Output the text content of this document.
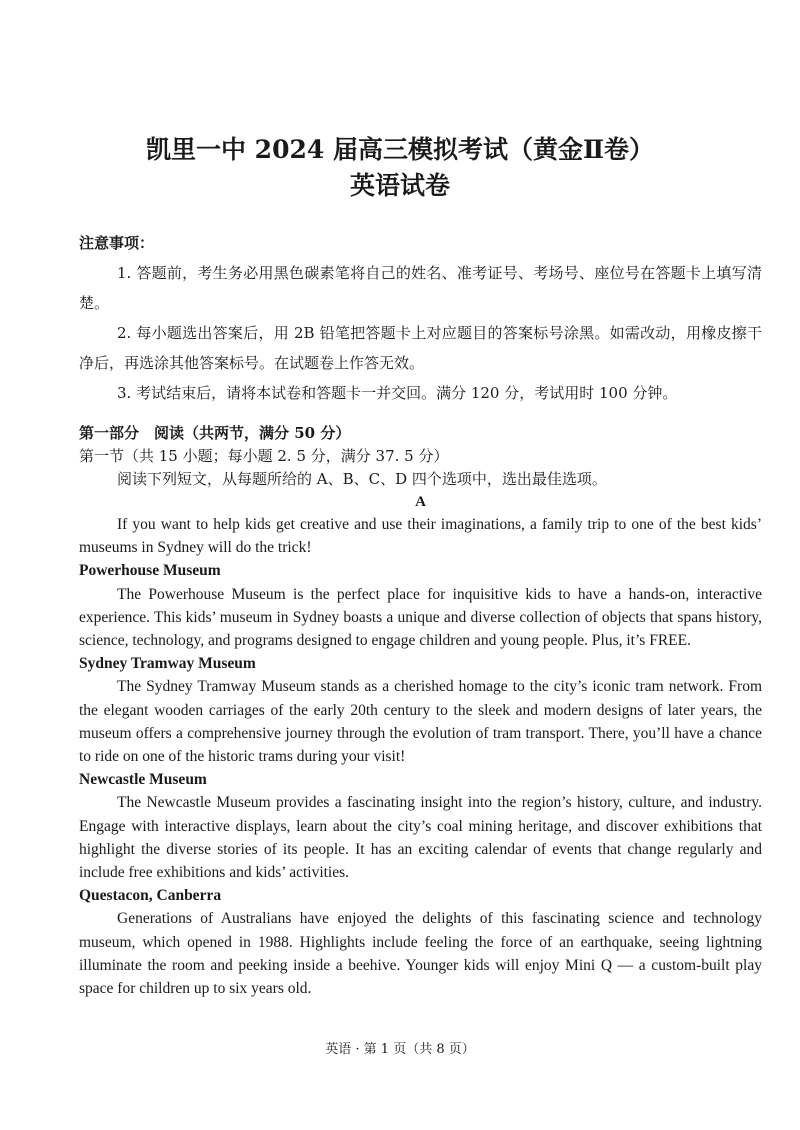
凯里一中 2024 届高三模拟考试（黄金Ⅱ卷）
英语试卷
注意事项：
1. 答题前，考生务必用黑色碳素笔将自己的姓名、准考证号、考场号、座位号在答题卡上填写清楚。
2. 每小题选出答案后，用 2B 铅笔把答题卡上对应题目的答案标号涂黑。如需改动，用橡皮擦干净后，再选涂其他答案标号。在试题卷上作答无效。
3. 考试结束后，请将本试卷和答题卡一并交回。满分 120 分，考试用时 100 分钟。
第一部分　阅读（共两节，满分 50 分）
第一节（共 15 小题；每小题 2. 5 分，满分 37. 5 分）
阅读下列短文，从每题所给的 A、B、C、D 四个选项中，选出最佳选项。
A
If you want to help kids get creative and use their imaginations, a family trip to one of the best kids’ museums in Sydney will do the trick!
Powerhouse Museum
The Powerhouse Museum is the perfect place for inquisitive kids to have a hands-on, interactive experience. This kids’ museum in Sydney boasts a unique and diverse collection of objects that spans history, science, technology, and programs designed to engage children and young people. Plus, it’s FREE.
Sydney Tramway Museum
The Sydney Tramway Museum stands as a cherished homage to the city’s iconic tram network. From the elegant wooden carriages of the early 20th century to the sleek and modern designs of later years, the museum offers a comprehensive journey through the evolution of tram transport. There, you’ll have a chance to ride on one of the historic trams during your visit!
Newcastle Museum
The Newcastle Museum provides a fascinating insight into the region’s history, culture, and industry. Engage with interactive displays, learn about the city’s coal mining heritage, and discover exhibitions that highlight the diverse stories of its people. It has an exciting calendar of events that change regularly and include free exhibitions and kids’ activities.
Questacon, Canberra
Generations of Australians have enjoyed the delights of this fascinating science and technology museum, which opened in 1988. Highlights include feeling the force of an earthquake, seeing lightning illuminate the room and peeking inside a beehive. Younger kids will enjoy Mini Q — a custom-built play space for children up to six years old.
英语 · 第 1 页（共 8 页）
